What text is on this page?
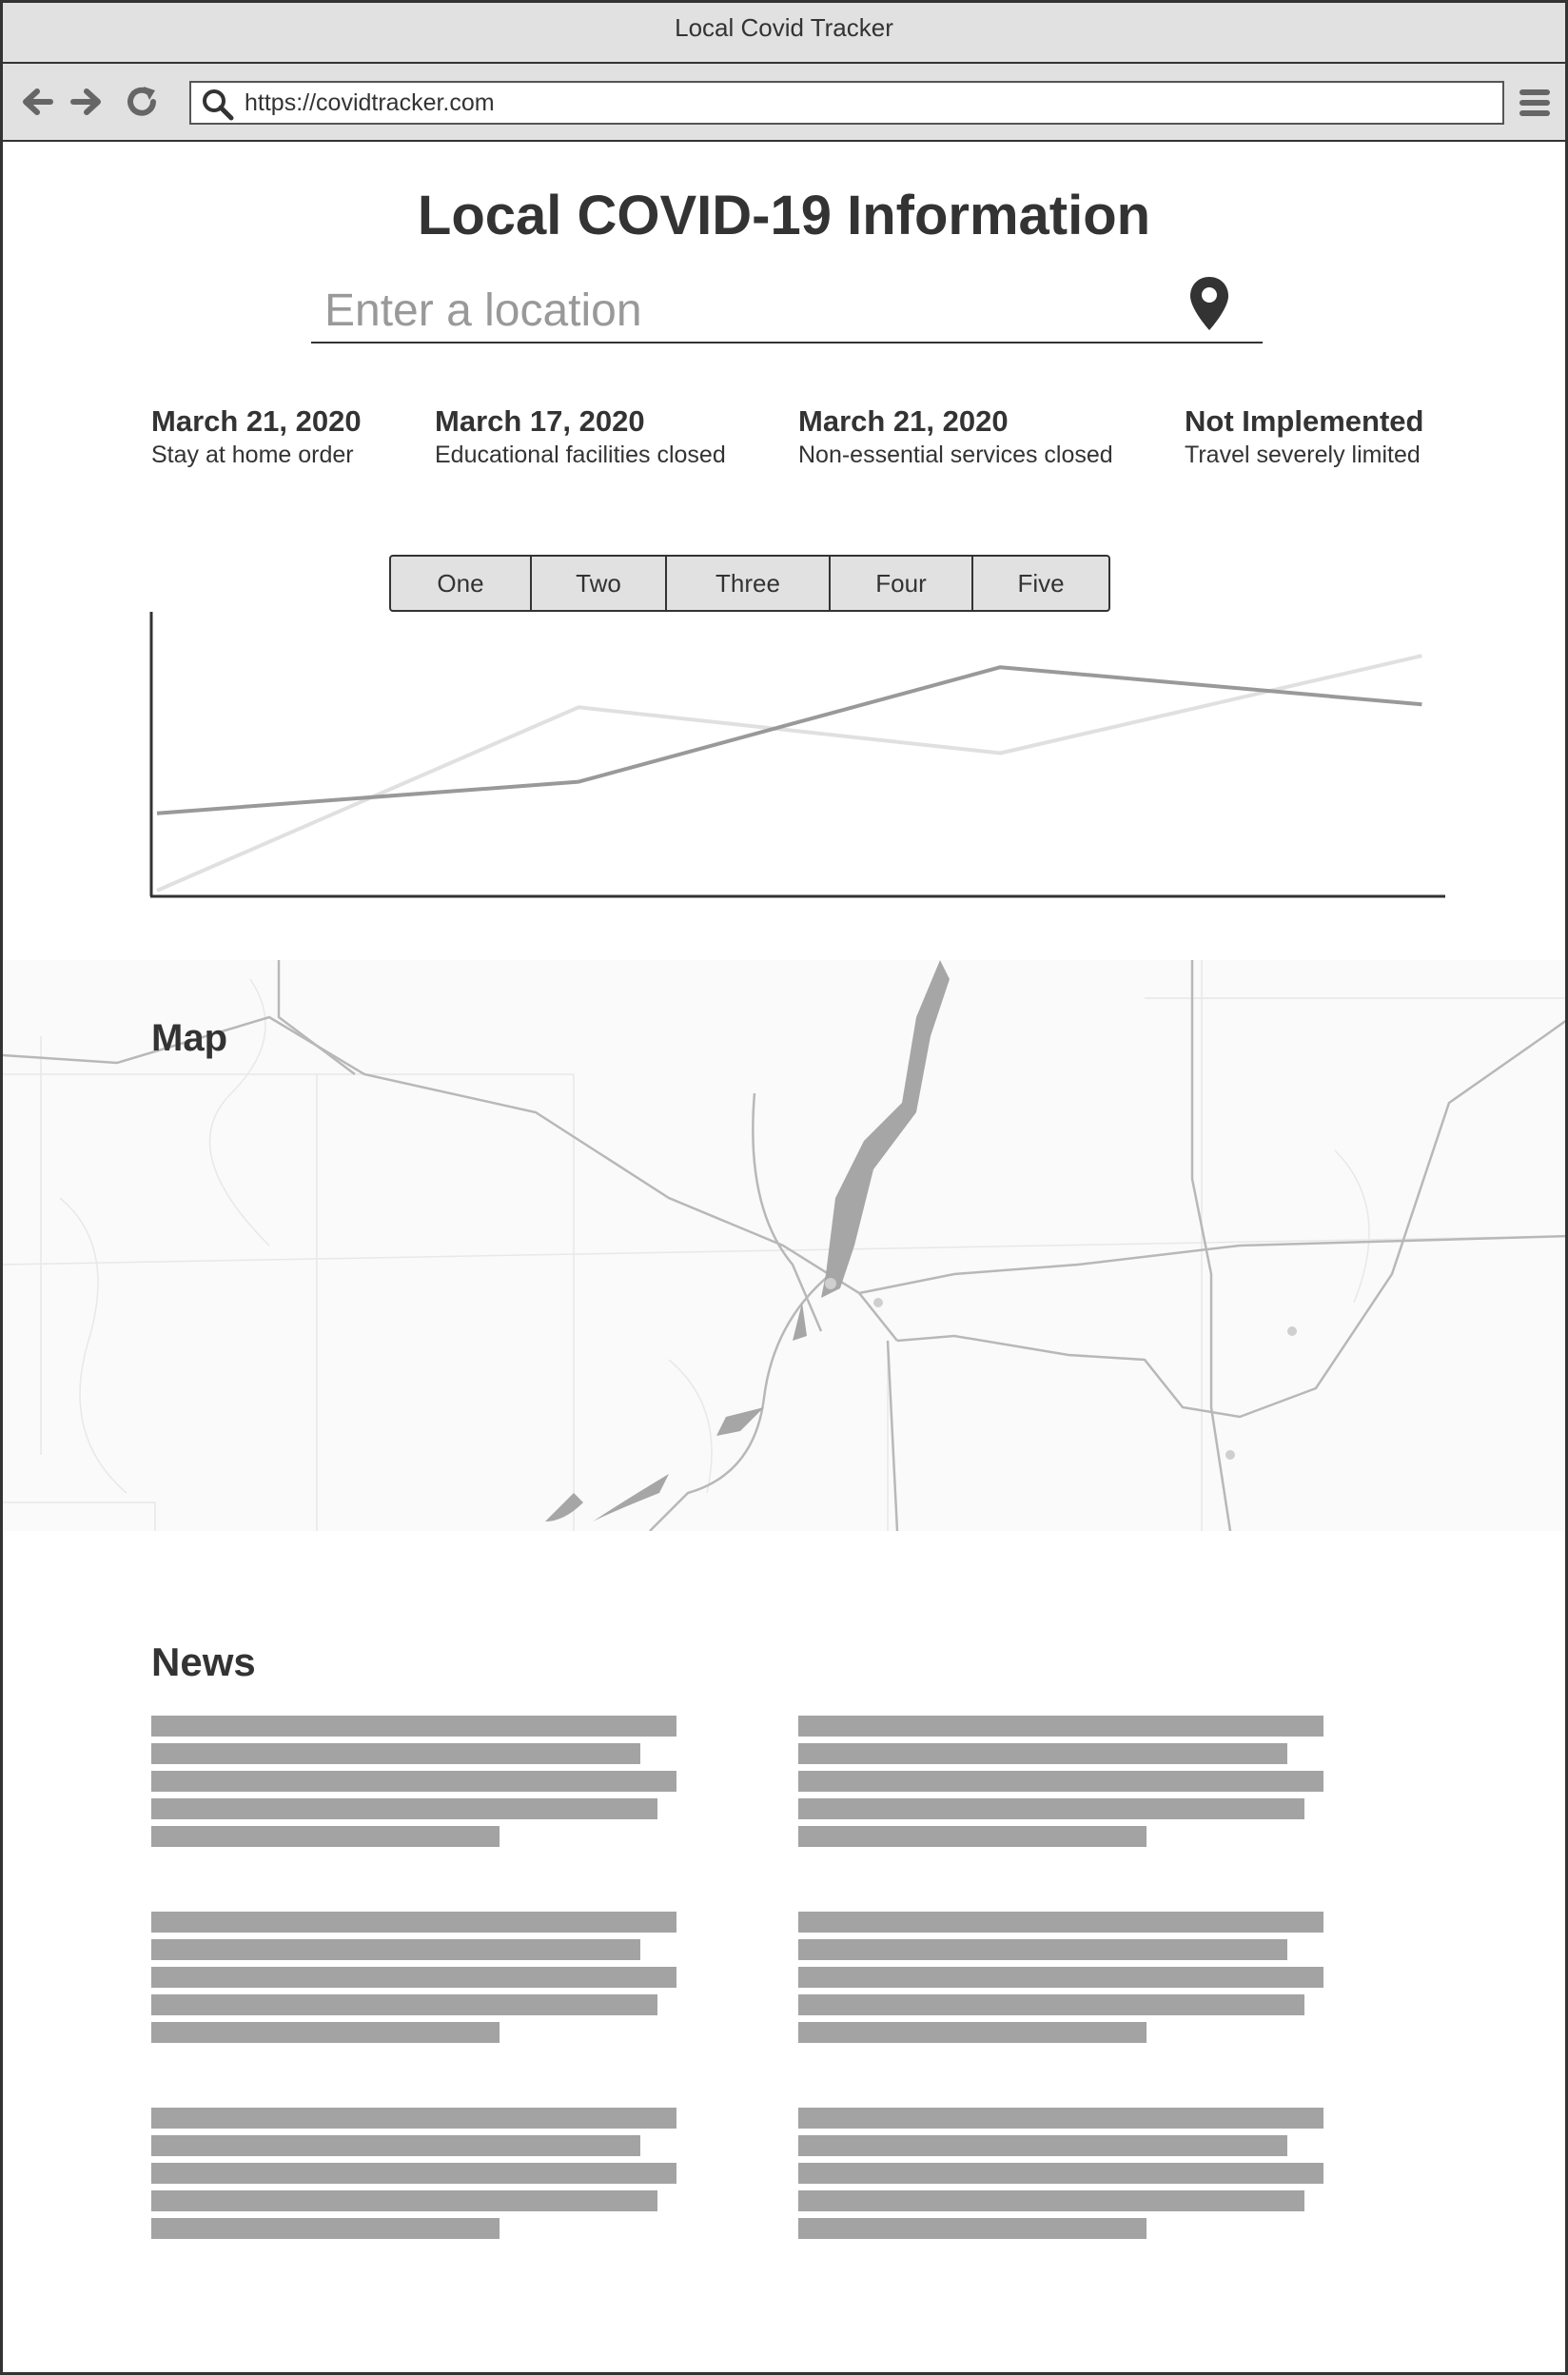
Local Covid Tracker
https://covidtracker.com
Local COVID-19 Information
Enter a location
March 21, 2020
Stay at home order
March 17, 2020
Educational facilities closed
March 21, 2020
Non-essential services closed
Not Implemented
Travel severely limited
One	Two	Three	Four	Five
Map
News
